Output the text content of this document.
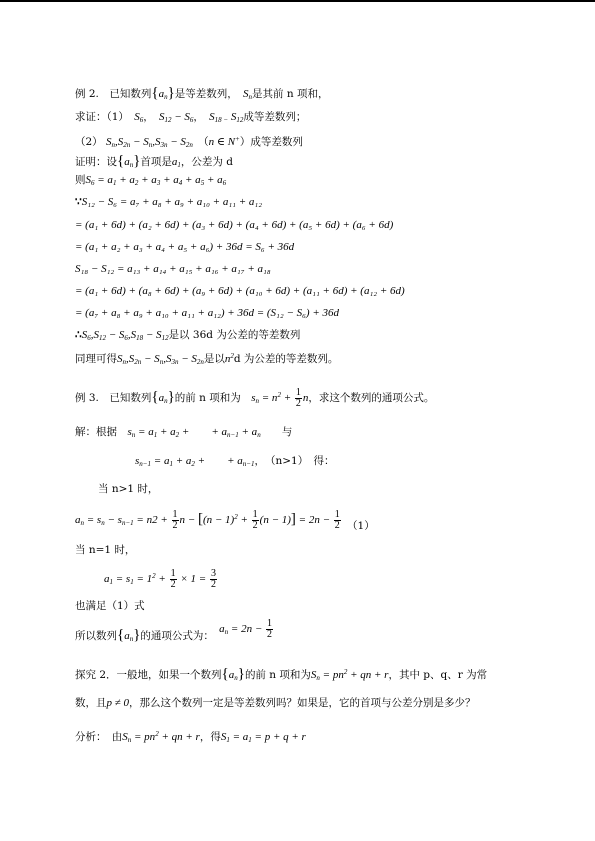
例 2.　已知数列$\{a_n\}$是等差数列，　 $S_n$是其前 n 项和，
求证：（1）　 $S_6$，　 $S_{12} - S_6$，　 $S_{18 -}$ $S_{12}$成等差数列；
（2） $S_n,S_{2n} - S_n,S_{3n} - S_{2n}$　 （n ∈ N+）成等差数列
证明：设$\{a_n\}$首项是$a_1$，公差为 d
则$S_6 = a_1 + a_2 + a_3 + a_4 + a_5 + a_6$
∵S₁₂ − S₆ = a₇ + a₈ + a₉ + a₁₀ + a₁₁ + a₁₂
= (a₁ + 6d) + (a₂ + 6d) + (a₃ + 6d) + (a₄ + 6d) + (a₅ + 6d) + (a₆ + 6d)
= (a₁ + a₂ + a₃ + a₄ + a₅ + a₆) + 36d = S₆ + 36d
S₁₈ − S₁₂ = a₁₃ + a₁₄ + a₁₅ + a₁₆ + a₁₇ + a₁₈
= (a₁ + 6d) + (a₈ + 6d) + (a₉ + 6d) + (a₁₀ + 6d) + (a₁₁ + 6d) + (a₁₂ + 6d)
= (a₇ + a₈ + a₉ + a₁₀ + a₁₁ + a₁₂) + 36d = (S₁₂ − S₆) + 36d
$\therefore S_6,S_{12} - S_6,S_{18} - S_{12}$是以 36d 为公差的等差数列
同理可得$S_n,S_{2n} - S_n,S_{3n} - S_{2n}$是以$n^2d$ 为公差的等差数列。
例 3.　已知数列$\{a_n\}$的前 n 项和为　 $s_n = n^2 + \frac{1}{2}$ n，求这个数列的通项公式。
解：根据　 $s_n = a_1 + a_2$ +　　+ $a_{n-1} + a_n$　　 与
$s_{n-1} = a_1 + a_2$ +　　+ $a_{n-1}$，　（n>1）　得：
当 n>1 时，
$a_n = s_n - s_{n-1} = n2 + \frac{1}{2}$ $n - [(n - 1)^2 + \frac{1}{2} (n - 1)] = 2n - \frac{1}{2}$
　 （1）
当 n=1 时，
$a_1 = s_1 = 1^2 + \frac{1}{2} \times 1 = \frac{3}{2}$
也满足（1）式
所以数列$\{a_n\}$的通项公式为：　$a_n = 2n - \frac{1}{2}$
探究 2．一般地，如果一个数列$\{a_n\}$的前 n 项和为$S_n = pn^2$ + qn + r，其中 p、q、r 为常
数，且p ≠ 0，那么这个数列一定是等差数列吗？如果是，它的首项与公差分别是多少？
分析：　由$S_n = pn^2$ + qn + r，得$S_1 = a_1 = p + q + r$
